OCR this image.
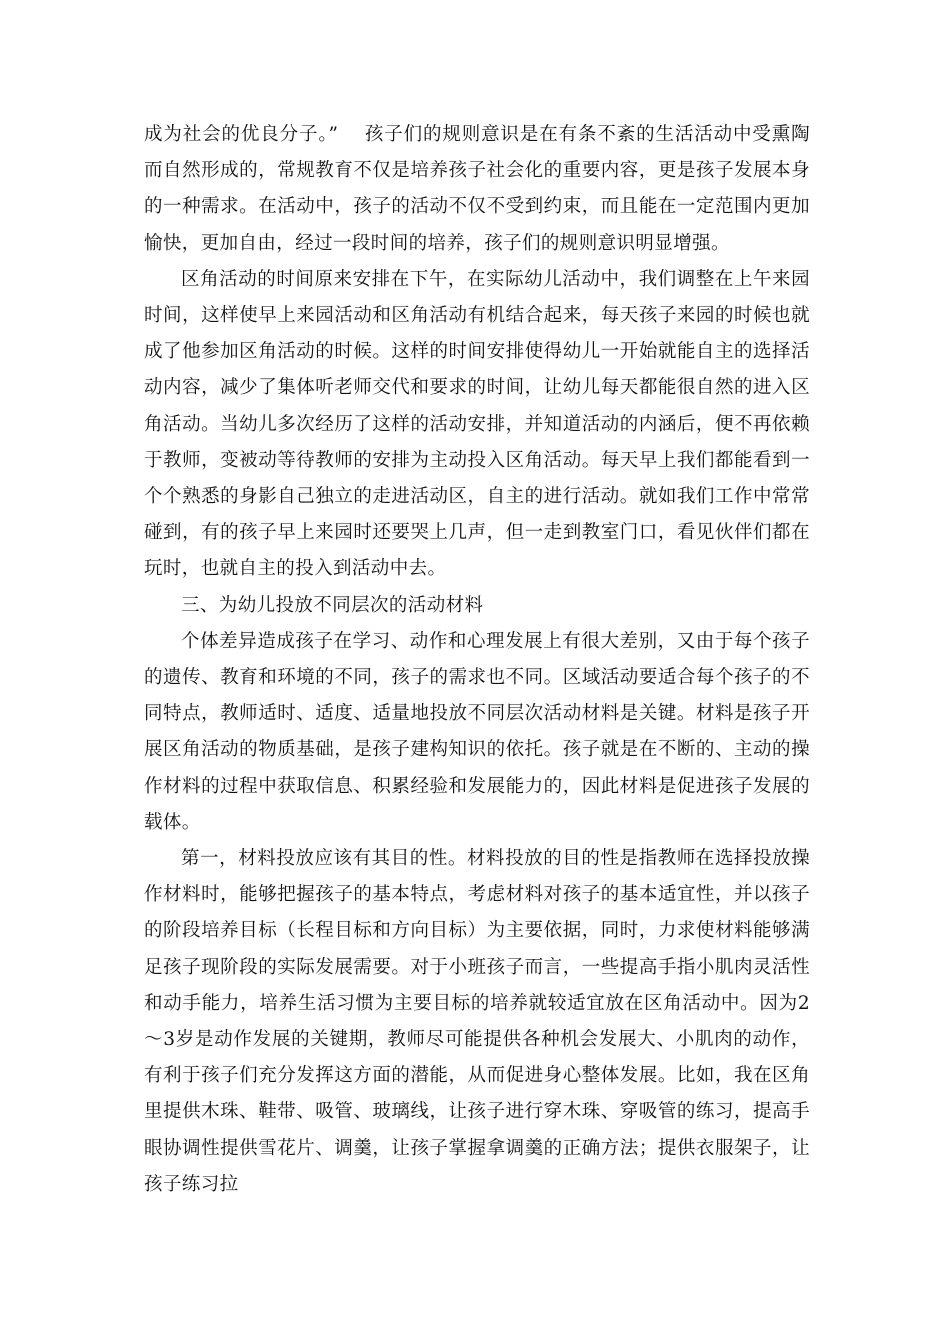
成为社会的优良分子。”　 孩子们的规则意识是在有条不紊的生活活动中受熏陶而自然形成的，常规教育不仅是培养孩子社会化的重要内容，更是孩子发展本身的一种需求。在活动中，孩子的活动不仅不受到约束，而且能在一定范围内更加愉快，更加自由，经过一段时间的培养，孩子们的规则意识明显增强。

区角活动的时间原来安排在下午，在实际幼儿活动中，我们调整在上午来园时间，这样使早上来园活动和区角活动有机结合起来，每天孩子来园的时候也就成了他参加区角活动的时候。这样的时间安排使得幼儿一开始就能自主的选择活动内容，减少了集体听老师交代和要求的时间，让幼儿每天都能很自然的进入区角活动。当幼儿多次经历了这样的活动安排，并知道活动的内涵后，便不再依赖于教师，变被动等待教师的安排为主动投入区角活动。每天早上我们都能看到一个个熟悉的身影自己独立的走进活动区，自主的进行活动。就如我们工作中常常碰到，有的孩子早上来园时还要哭上几声，但一走到教室门口，看见伙伴们都在玩时，也就自主的投入到活动中去。

三、为幼儿投放不同层次的活动材料

个体差异造成孩子在学习、动作和心理发展上有很大差别，又由于每个孩子的遗传、教育和环境的不同，孩子的需求也不同。区域活动要适合每个孩子的不同特点，教师适时、适度、适量地投放不同层次活动材料是关键。材料是孩子开展区角活动的物质基础，是孩子建构知识的依托。孩子就是在不断的、主动的操作材料的过程中获取信息、积累经验和发展能力的，因此材料是促进孩子发展的载体。

第一，材料投放应该有其目的性。材料投放的目的性是指教师在选择投放操作材料时，能够把握孩子的基本特点，考虑材料对孩子的基本适宜性，并以孩子的阶段培养目标（长程目标和方向目标）为主要依据，同时，力求使材料能够满足孩子现阶段的实际发展需要。对于小班孩子而言，一些提高手指小肌肉灵活性和动手能力，培养生活习惯为主要目标的培养就较适宜放在区角活动中。因为2～3岁是动作发展的关键期，教师尽可能提供各种机会发展大、小肌肉的动作，有利于孩子们充分发挥这方面的潜能，从而促进身心整体发展。比如，我在区角里提供木珠、鞋带、吸管、玻璃线，让孩子进行穿木珠、穿吸管的练习，提高手眼协调性提供雪花片、调羹，让孩子掌握拿调羹的正确方法；提供衣服架子，让孩子练习拉
